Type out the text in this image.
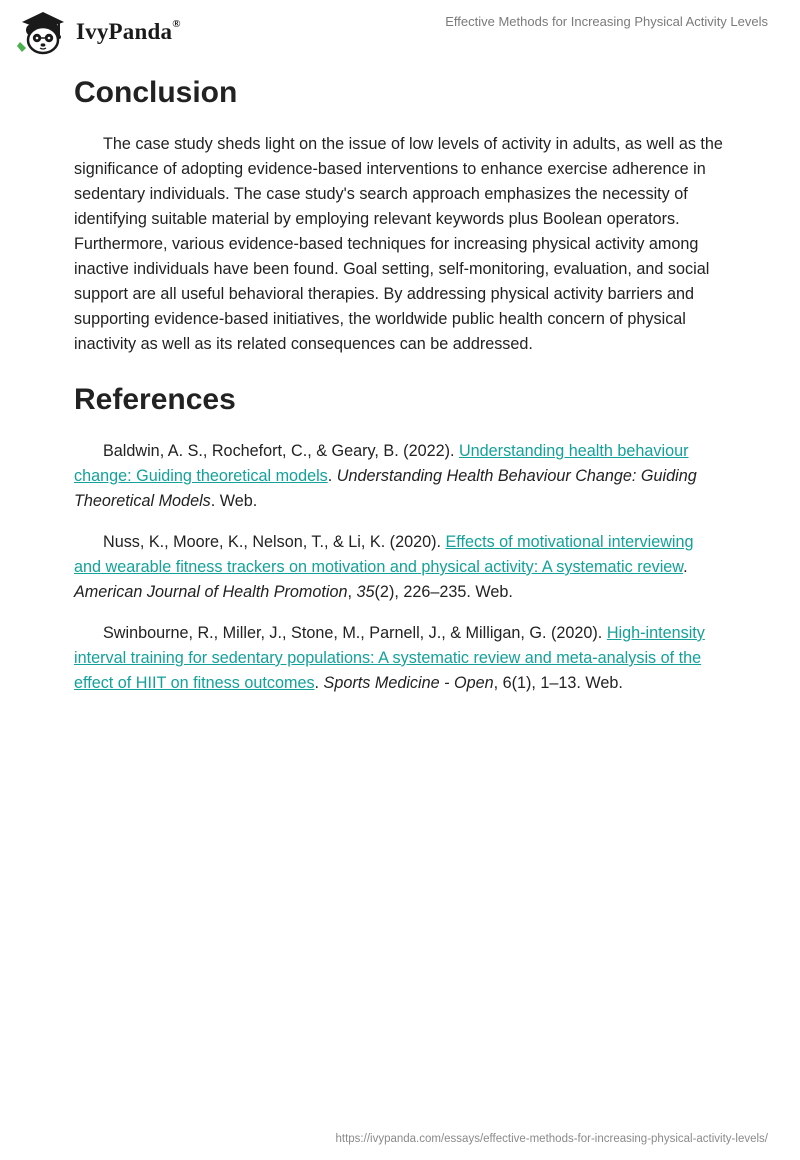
IvyPanda®	Effective Methods for Increasing Physical Activity Levels
Conclusion

The case study sheds light on the issue of low levels of activity in adults, as well as the significance of adopting evidence-based interventions to enhance exercise adherence in sedentary individuals. The case study's search approach emphasizes the necessity of identifying suitable material by employing relevant keywords plus Boolean operators. Furthermore, various evidence-based techniques for increasing physical activity among inactive individuals have been found. Goal setting, self-monitoring, evaluation, and social support are all useful behavioral therapies. By addressing physical activity barriers and supporting evidence-based initiatives, the worldwide public health concern of physical inactivity as well as its related consequences can be addressed.

References

Baldwin, A. S., Rochefort, C., & Geary, B. (2022). Understanding health behaviour change: Guiding theoretical models. Understanding Health Behaviour Change: Guiding Theoretical Models. Web.

Nuss, K., Moore, K., Nelson, T., & Li, K. (2020). Effects of motivational interviewing and wearable fitness trackers on motivation and physical activity: A systematic review. American Journal of Health Promotion, 35(2), 226–235. Web.

Swinbourne, R., Miller, J., Stone, M., Parnell, J., & Milligan, G. (2020). High-intensity interval training for sedentary populations: A systematic review and meta-analysis of the effect of HIIT on fitness outcomes. Sports Medicine - Open, 6(1), 1–13. Web.

https://ivypanda.com/essays/effective-methods-for-increasing-physical-activity-levels/
